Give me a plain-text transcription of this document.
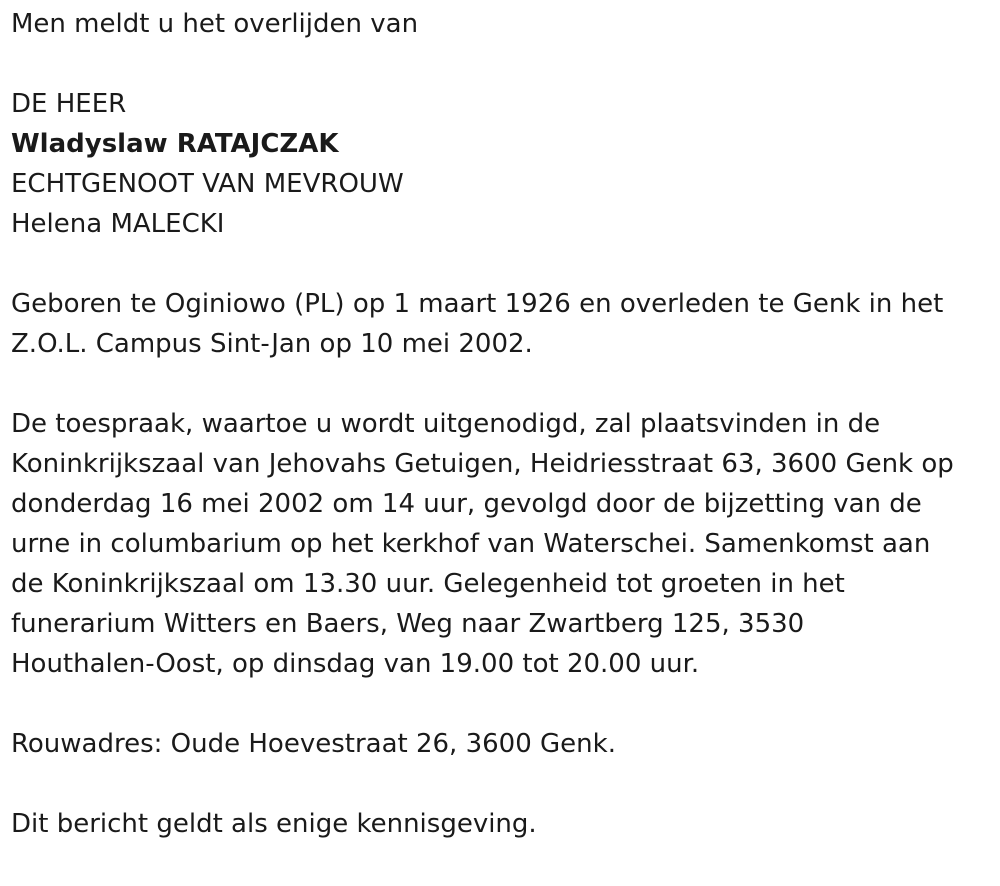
Men meldt u het overlijden van
DE HEER
Wladyslaw RATAJCZAK
ECHTGENOOT VAN MEVROUW
Helena MALECKI
Geboren te Oginiowo (PL) op 1 maart 1926 en overleden te Genk in het
Z.O.L. Campus Sint-Jan op 10 mei 2002.
De toespraak, waartoe u wordt uitgenodigd, zal plaatsvinden in de
Koninkrijkszaal van Jehovahs Getuigen, Heidriesstraat 63, 3600 Genk op
donderdag 16 mei 2002 om 14 uur, gevolgd door de bijzetting van de
urne in columbarium op het kerkhof van Waterschei. Samenkomst aan
de Koninkrijkszaal om 13.30 uur. Gelegenheid tot groeten in het
funerarium Witters en Baers, Weg naar Zwartberg 125, 3530
Houthalen-Oost, op dinsdag van 19.00 tot 20.00 uur.
Rouwadres: Oude Hoevestraat 26, 3600 Genk.
Dit bericht geldt als enige kennisgeving.
